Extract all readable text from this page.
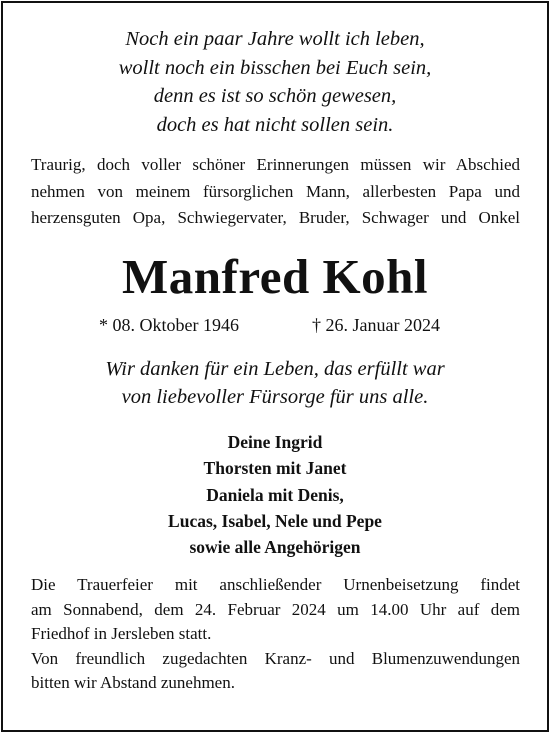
Noch ein paar Jahre wollt ich leben,
wollt noch ein bisschen bei Euch sein,
denn es ist so schön gewesen,
doch es hat nicht sollen sein.
Traurig, doch voller schöner Erinnerungen müssen wir Abschied
nehmen von meinem fürsorglichen Mann, allerbesten Papa und
herzensguten Opa, Schwiegervater, Bruder, Schwager und Onkel
Manfred Kohl
* 08. Oktober 1946	† 26. Januar 2024
Wir danken für ein Leben, das erfüllt war
von liebevoller Fürsorge für uns alle.
Deine Ingrid
Thorsten mit Janet
Daniela mit Denis,
Lucas, Isabel, Nele und Pepe
sowie alle Angehörigen
Die Trauerfeier mit anschließender Urnenbeisetzung findet
am Sonnabend, dem 24. Februar 2024 um 14.00 Uhr auf dem
Friedhof in Jersleben statt.
Von freundlich zugedachten Kranz- und Blumenzuwendungen
bitten wir Abstand zunehmen.
